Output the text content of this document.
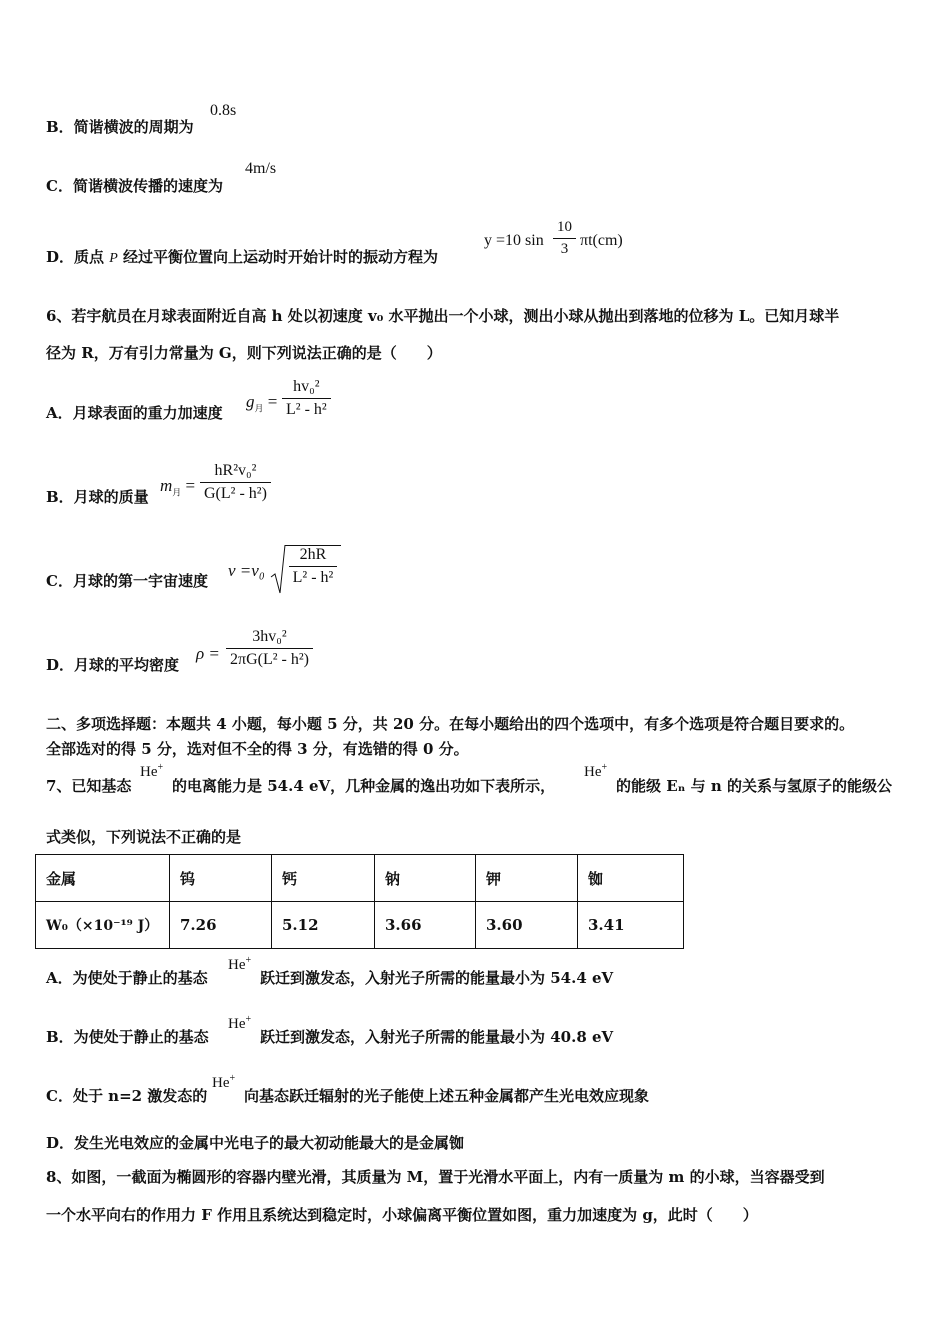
B．简谐横波的周期为
0.8s
C．简谐横波传播的速度为
4m/s
D．质点 P 经过平衡位置向上运动时开始计时的振动方程为
y =10 sin
10
3 πt(cm)
6、若宇航员在月球表面附近自高 h 处以初速度 v₀ 水平抛出一个小球，测出小球从抛出到落地的位移为 L。已知月球半
径为 R，万有引力常量为 G，则下列说法正确的是（　　）
A．月球表面的重力加速度
$g_月$ =
hv₀²
L² - h²
B．月球的质量
$m_月$ =
hR²v₀²
G(L² - h²)
C．月球的第一宇宙速度
v =v₀
2hR
L² - h²
D．月球的平均密度
ρ =
3hv₀²
2πG(L² - h²)
二、多项选择题：本题共 4 小题，每小题 5 分，共 20 分。在每小题给出的四个选项中，有多个选项是符合题目要求的。
全部选对的得 5 分，选对但不全的得 3 分，有选错的得 0 分。
7、已知基态
He+
的电离能力是 54.4 eV，几种金属的逸出功如下表所示，
He+
的能级 Eₙ 与 n 的关系与氢原子的能级公
式类似，下列说法不正确的是
金属	钨	钙	钠	钾	铷
W₀（×10⁻¹⁹ J）	7.26	5.12	3.66	3.60	3.41
A．为使处于静止的基态
He+
跃迁到激发态，入射光子所需的能量最小为 54.4 eV
B．为使处于静止的基态
He+
跃迁到激发态，入射光子所需的能量最小为 40.8 eV
C．处于 n=2 激发态的
He+
向基态跃迁辐射的光子能使上述五种金属都产生光电效应现象
D．发生光电效应的金属中光电子的最大初动能最大的是金属铷
8、如图，一截面为椭圆形的容器内壁光滑，其质量为 M，置于光滑水平面上，内有一质量为 m 的小球，当容器受到
一个水平向右的作用力 F 作用且系统达到稳定时，小球偏离平衡位置如图，重力加速度为 g，此时（　　）
